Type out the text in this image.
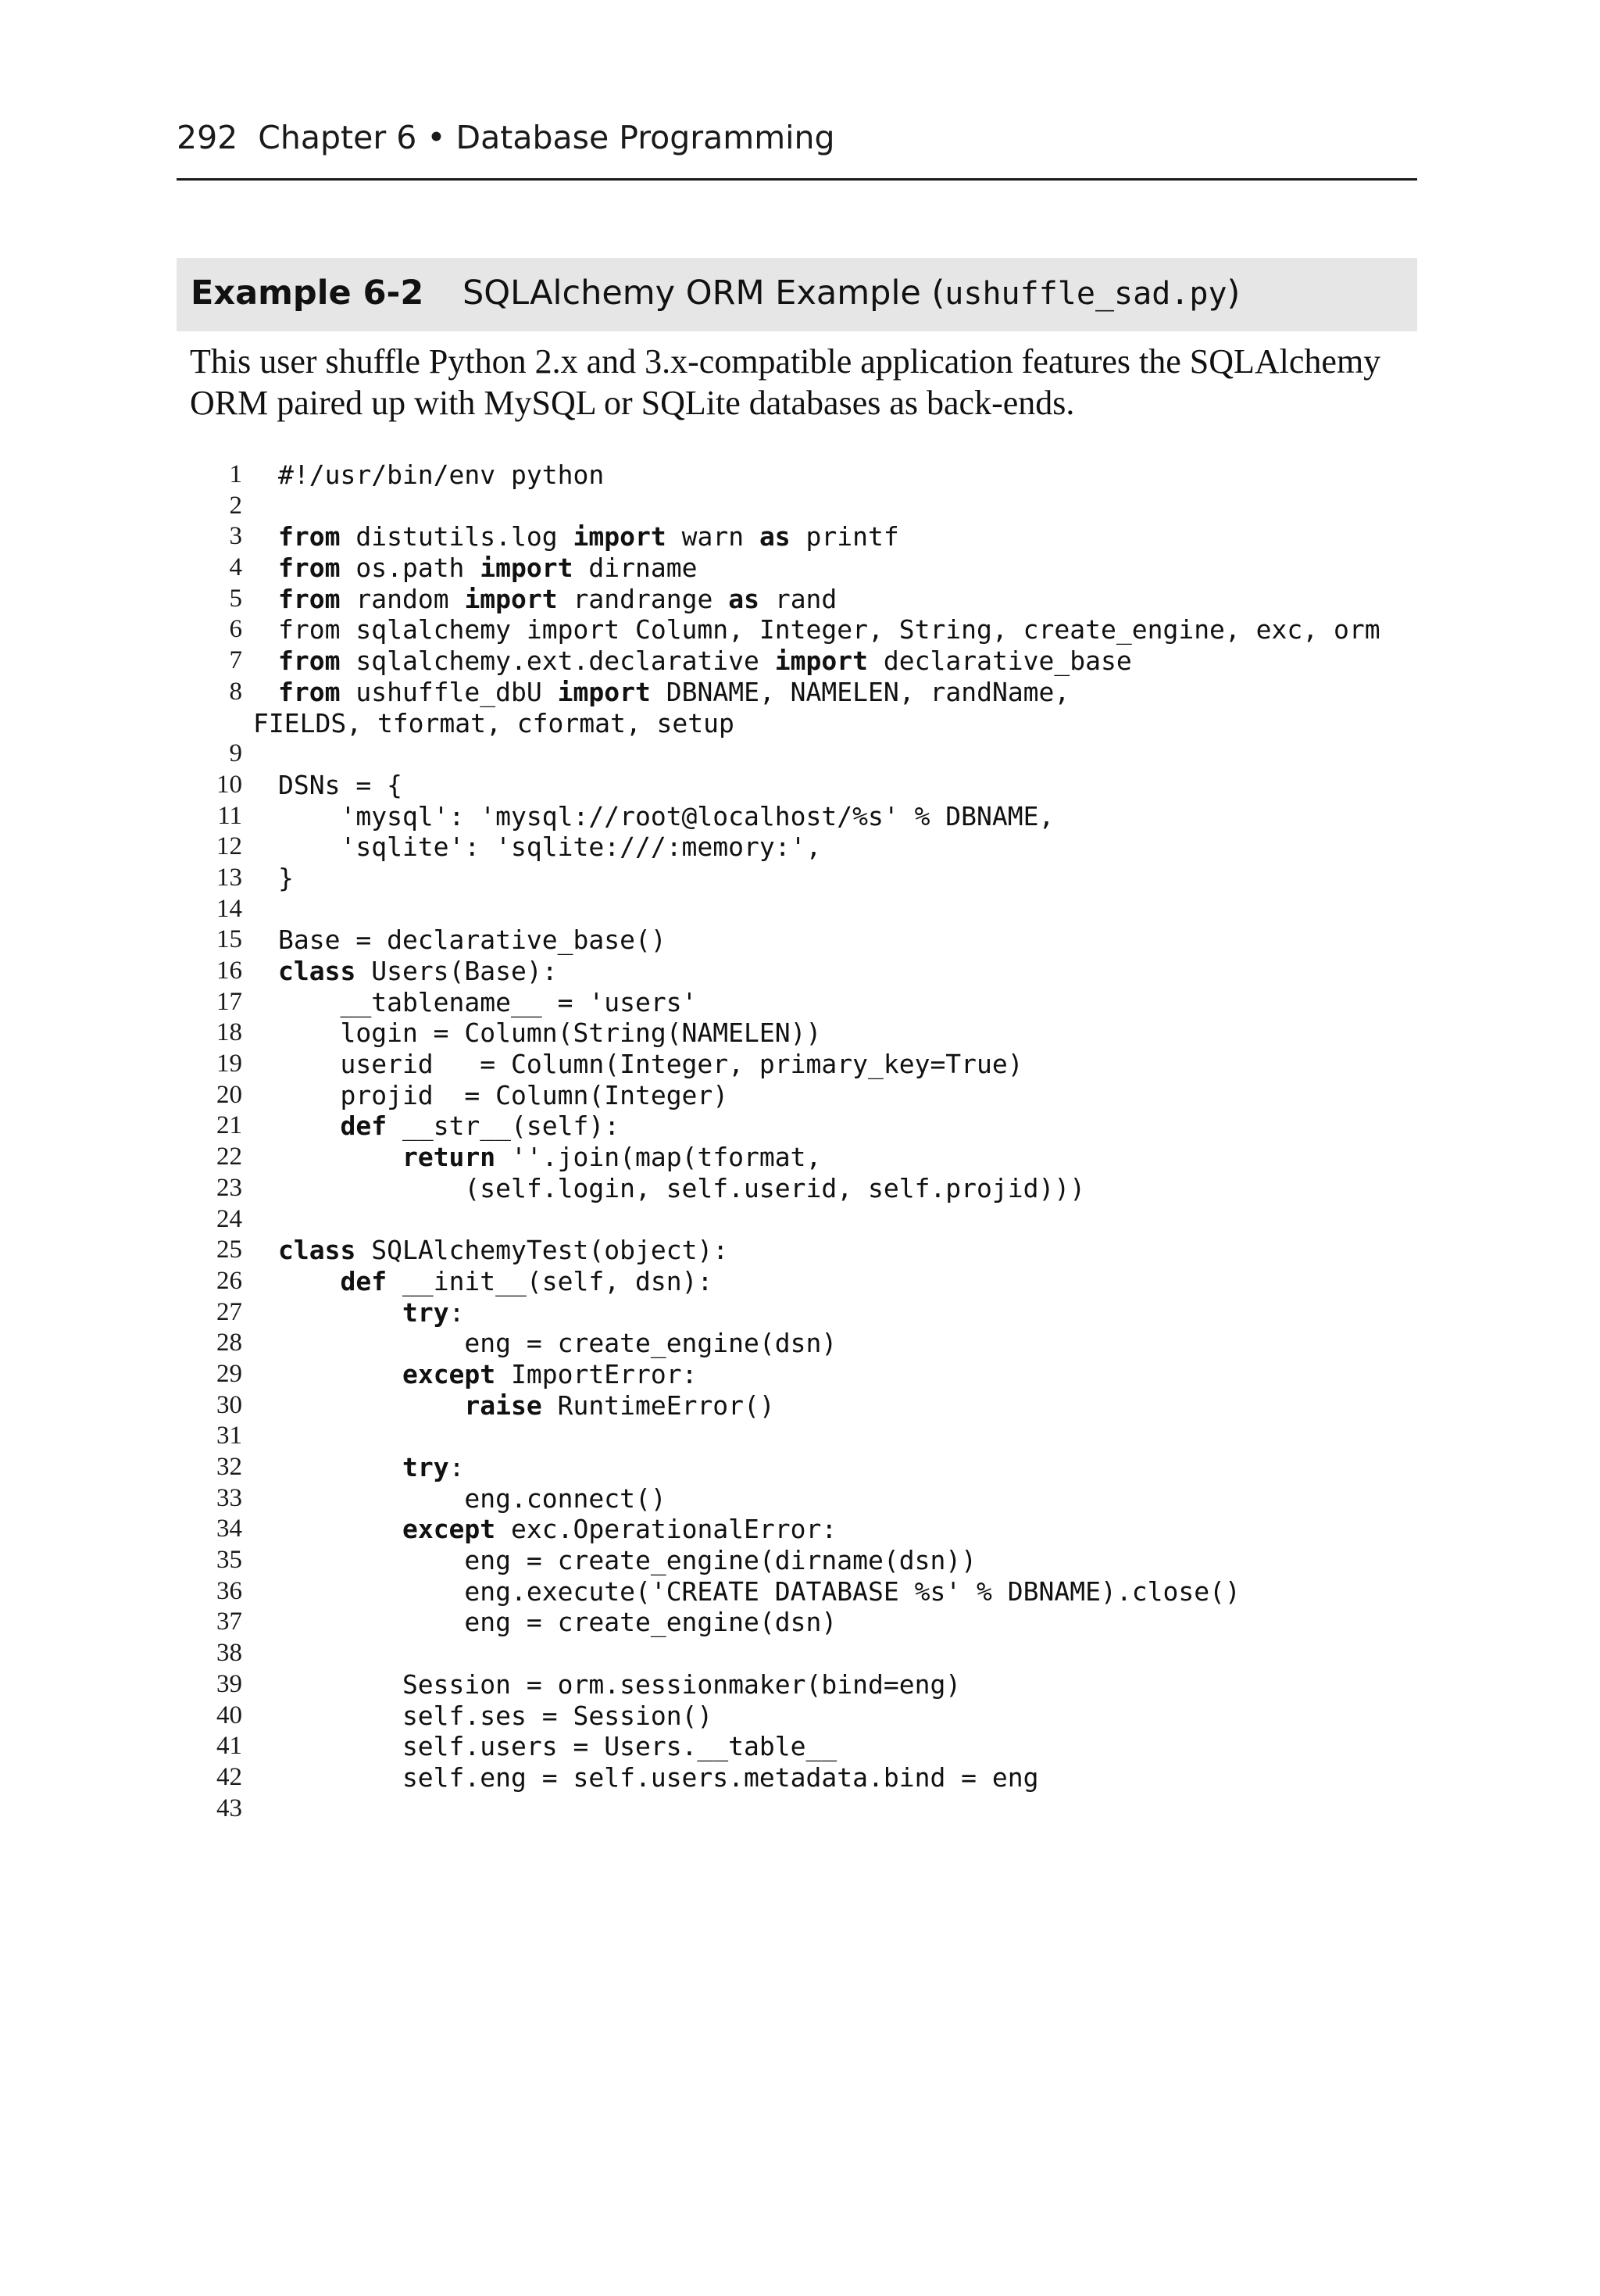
292 Chapter 6 • Database Programming
Example 6-2 SQLAlchemy ORM Example (ushuffle_sad.py)
This user shuffle Python 2.x and 3.x-compatible application features the SQLAlchemy ORM paired up with MySQL or SQLite databases as back-ends.
1 #!/usr/bin/env python
2
3 from distutils.log import warn as printf
4 from os.path import dirname
5 from random import randrange as rand
6 from sqlalchemy import Column, Integer, String, create_engine, exc, orm
7 from sqlalchemy.ext.declarative import declarative_base
8 from ushuffle_dbU import DBNAME, NAMELEN, randName,
FIELDS, tformat, cformat, setup
9
10 DSNs = {
11 'mysql': 'mysql://root@localhost/%s' % DBNAME,
12 'sqlite': 'sqlite:///:memory:',
13 }
14
15 Base = declarative_base()
16 class Users(Base):
17 __tablename__ = 'users'
18 login = Column(String(NAMELEN))
19 userid   = Column(Integer, primary_key=True)
20 projid  = Column(Integer)
21	def __str__(self):
22	return ''.join(map(tformat,
23 (self.login, self.userid, self.projid)))
24
25 class SQLAlchemyTest(object):
26	def __init__(self, dsn):
27	try:
28 eng = create_engine(dsn)
29	except ImportError:
30	raise RuntimeError()
31
32	try:
33 eng.connect()
34	except exc.OperationalError:
35 eng = create_engine(dirname(dsn))
36 eng.execute('CREATE DATABASE %s' % DBNAME).close()
37 eng = create_engine(dsn)
38
39 Session = orm.sessionmaker(bind=eng)
40 self.ses = Session()
41 self.users = Users.__table__
42 self.eng = self.users.metadata.bind = eng
43
